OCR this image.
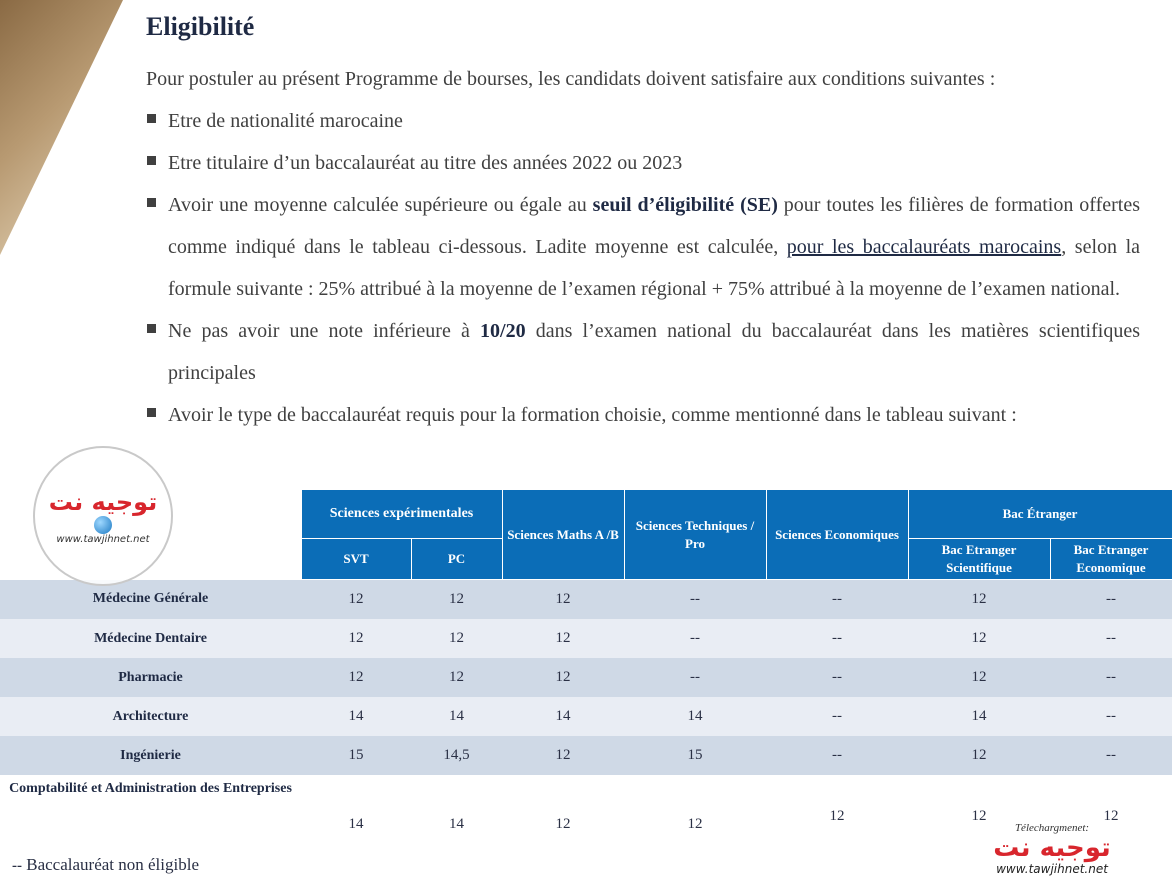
Eligibilité

Pour postuler au présent Programme de bourses, les candidats doivent satisfaire aux conditions suivantes :

Etre de nationalité marocaine
Etre titulaire d’un baccalauréat au titre des années 2022 ou 2023
Avoir une moyenne calculée supérieure ou égale au seuil d’éligibilité (SE) pour toutes les filières de formation offertes comme indiqué dans le tableau ci-dessous. Ladite moyenne est calculée, pour les baccalauréats marocains, selon la formule suivante : 25% attribué à la moyenne de l’examen régional + 75% attribué à la moyenne de l’examen national.
Ne pas avoir une note inférieure à 10/20 dans l’examen national du baccalauréat dans les matières scientifiques principales
Avoir le type de baccalauréat requis pour la formation choisie, comme mentionné dans le tableau suivant :
	Sciences expérimentales		Sciences Maths A /B	Sciences Techniques / Pro	Sciences Economiques	Bac Étranger	
	SVT	PC				Bac Etranger Scientifique	Bac Etranger Economique
Médecine Générale	12	12	12	--	--	12	--
Médecine Dentaire	12	12	12	--	--	12	--
Pharmacie	12	12	12	--	--	12	--
Architecture	14	14	14	14	--	14	--
Ingénierie	15	14,5	12	15	--	12	--
Comptabilité et Administration des Entreprises	14	14	12	12	12	12	12
توجيه نت
www.tawjihnet.net
-- Baccalauréat non éligible
Télechargmenet:
توجيه نت
www.tawjihnet.net
